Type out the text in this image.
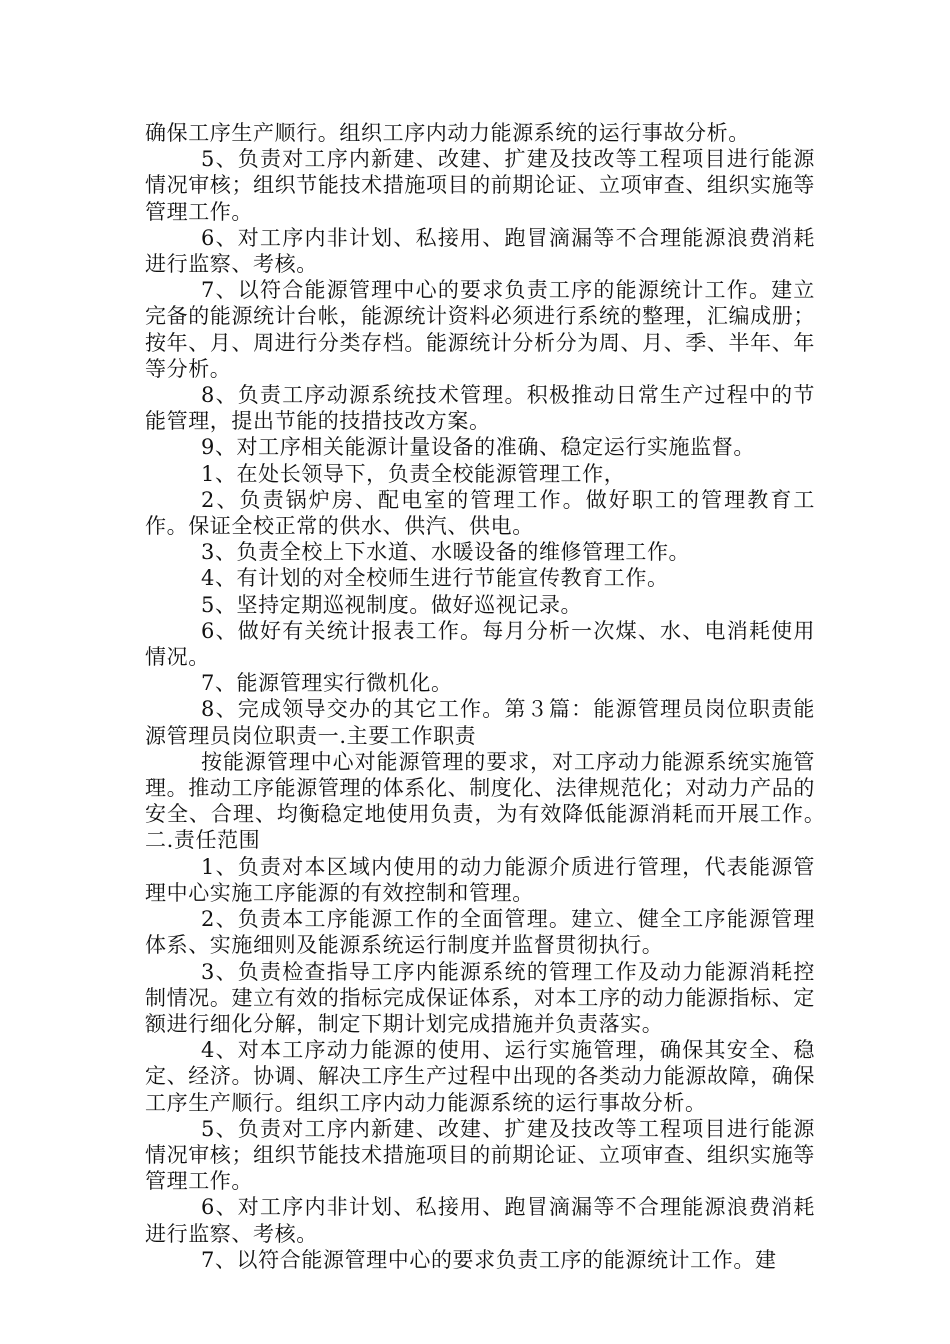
确保工序生产顺行。组织工序内动力能源系统的运行事故分析。

5、负责对工序内新建、改建、扩建及技改等工程项目进行能源情况审核；组织节能技术措施项目的前期论证、立项审查、组织实施等管理工作。

6、对工序内非计划、私接用、跑冒滴漏等不合理能源浪费消耗进行监察、考核。

7、以符合能源管理中心的要求负责工序的能源统计工作。建立完备的能源统计台帐，能源统计资料必须进行系统的整理，汇编成册；按年、月、周进行分类存档。能源统计分析分为周、月、季、半年、年等分析。

8、负责工序动源系统技术管理。积极推动日常生产过程中的节能管理，提出节能的技措技改方案。

9、对工序相关能源计量设备的准确、稳定运行实施监督。

1、在处长领导下，负责全校能源管理工作，

2、负责锅炉房、配电室的管理工作。做好职工的管理教育工作。保证全校正常的供水、供汽、供电。

3、负责全校上下水道、水暖设备的维修管理工作。

4、有计划的对全校师生进行节能宣传教育工作。

5、坚持定期巡视制度。做好巡视记录。

6、做好有关统计报表工作。每月分析一次煤、水、电消耗使用情况。

7、能源管理实行微机化。

8、完成领导交办的其它工作。第３篇：能源管理员岗位职责能源管理员岗位职责一.主要工作职责

按能源管理中心对能源管理的要求，对工序动力能源系统实施管理。推动工序能源管理的体系化、制度化、法律规范化；对动力产品的安全、合理、均衡稳定地使用负责，为有效降低能源消耗而开展工作。　二.责任范围

1、负责对本区域内使用的动力能源介质进行管理，代表能源管理中心实施工序能源的有效控制和管理。

2、负责本工序能源工作的全面管理。建立、健全工序能源管理体系、实施细则及能源系统运行制度并监督贯彻执行。

3、负责检查指导工序内能源系统的管理工作及动力能源消耗控制情况。建立有效的指标完成保证体系，对本工序的动力能源指标、定额进行细化分解，制定下期计划完成措施并负责落实。

4、对本工序动力能源的使用、运行实施管理，确保其安全、稳定、经济。协调、解决工序生产过程中出现的各类动力能源故障，确保工序生产顺行。组织工序内动力能源系统的运行事故分析。

5、负责对工序内新建、改建、扩建及技改等工程项目进行能源情况审核；组织节能技术措施项目的前期论证、立项审查、组织实施等管理工作。

6、对工序内非计划、私接用、跑冒滴漏等不合理能源浪费消耗进行监察、考核。

7、以符合能源管理中心的要求负责工序的能源统计工作。建
